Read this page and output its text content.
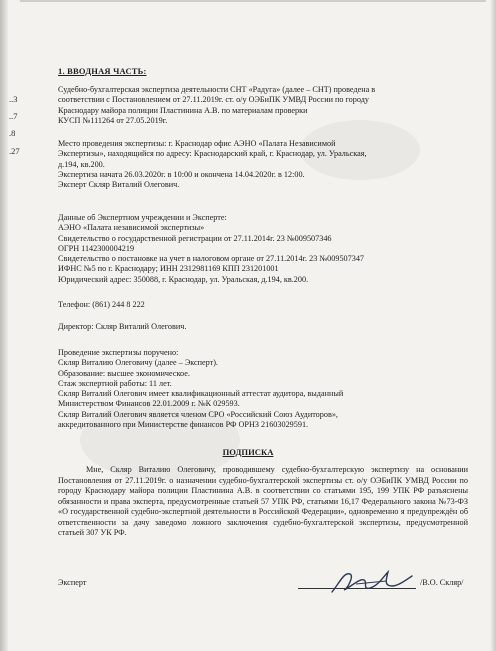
..3
..7
.8
.27
1. ВВОДНАЯ ЧАСТЬ:

Судебно-бухгалтерская экспертиза деятельности СНТ «Радуга» (далее – СНТ) проведена в

соответствии с Постановлением от 27.11.2019г. ст. о/у ОЭБиПК УМВД России по городу

Краснодару майора полиции Пластинина А.В. по материалам проверки

КУСП №111264 от 27.05.2019г.

Место проведения экспертизы: г. Краснодар офис АЭНО «Палата Независимой

Экспертизы», находящийся по адресу: Краснодарский край, г. Краснодар, ул. Уральская,

д.194, кв.200.

Экспертиза начата 26.03.2020г. в 10:00 и окончена 14.04.2020г. в 12:00.

Эксперт Скляр Виталий Олегович.

Данные об Экспертном учреждении и Эксперте:

АЭНО «Палата независимой экспертизы»

Свидетельство о государственной регистрации от 27.11.2014г. 23 №009507346

ОГРН 1142300004219

Свидетельство о постановке на учет в налоговом органе от 27.11.2014г. 23 №009507347

ИФНС №5 по г. Краснодару; ИНН 2312981169 КПП 231201001

Юридический адрес: 350088, г. Краснодар, ул. Уральская, д.194, кв.200.

Телефон: (861) 244 8 222
Директор: Скляр Виталий Олегович.

Проведение экспертизы поручено:

Скляр Виталию Олеговичу (далее – Эксперт).

Образование: высшее экономическое.

Стаж экспертной работы: 11 лет.

Скляр Виталий Олегович имеет квалификационный аттестат аудитора, выданный

Министерством Финансов 22.01.2009 г. №К 029593.

Скляр Виталий Олегович является членом СРО «Российский Союз Аудиторов»,

аккредитованного при Министерстве финансов РФ ОРНЗ 21603029591.

ПОДПИСКА
Мне, Скляр Виталию Олеговичу, проводившему судебно-бухгалтерскую экспертизу на основании Постановления от 27.11.2019г. о назначении судебно-бухгалтерской экспертизы ст. о/у ОЭБиПК УМВД России по городу Краснодару майора полиции Пластинина А.В. в соответствии со статьями 195, 199 УПК РФ разъяснены обязанности и права эксперта, предусмотренные статьей 57 УПК РФ, статьями 16,17 Федерального закона №73-ФЗ «О государственной судебно-экспертной деятельности в Российской Федерации», одновременно я предупреждён об ответственности за дачу заведомо ложного заключения судебно-бухгалтерской экспертизы, предусмотренной статьей 307 УК РФ.
Эксперт	/В.О. Скляр/
